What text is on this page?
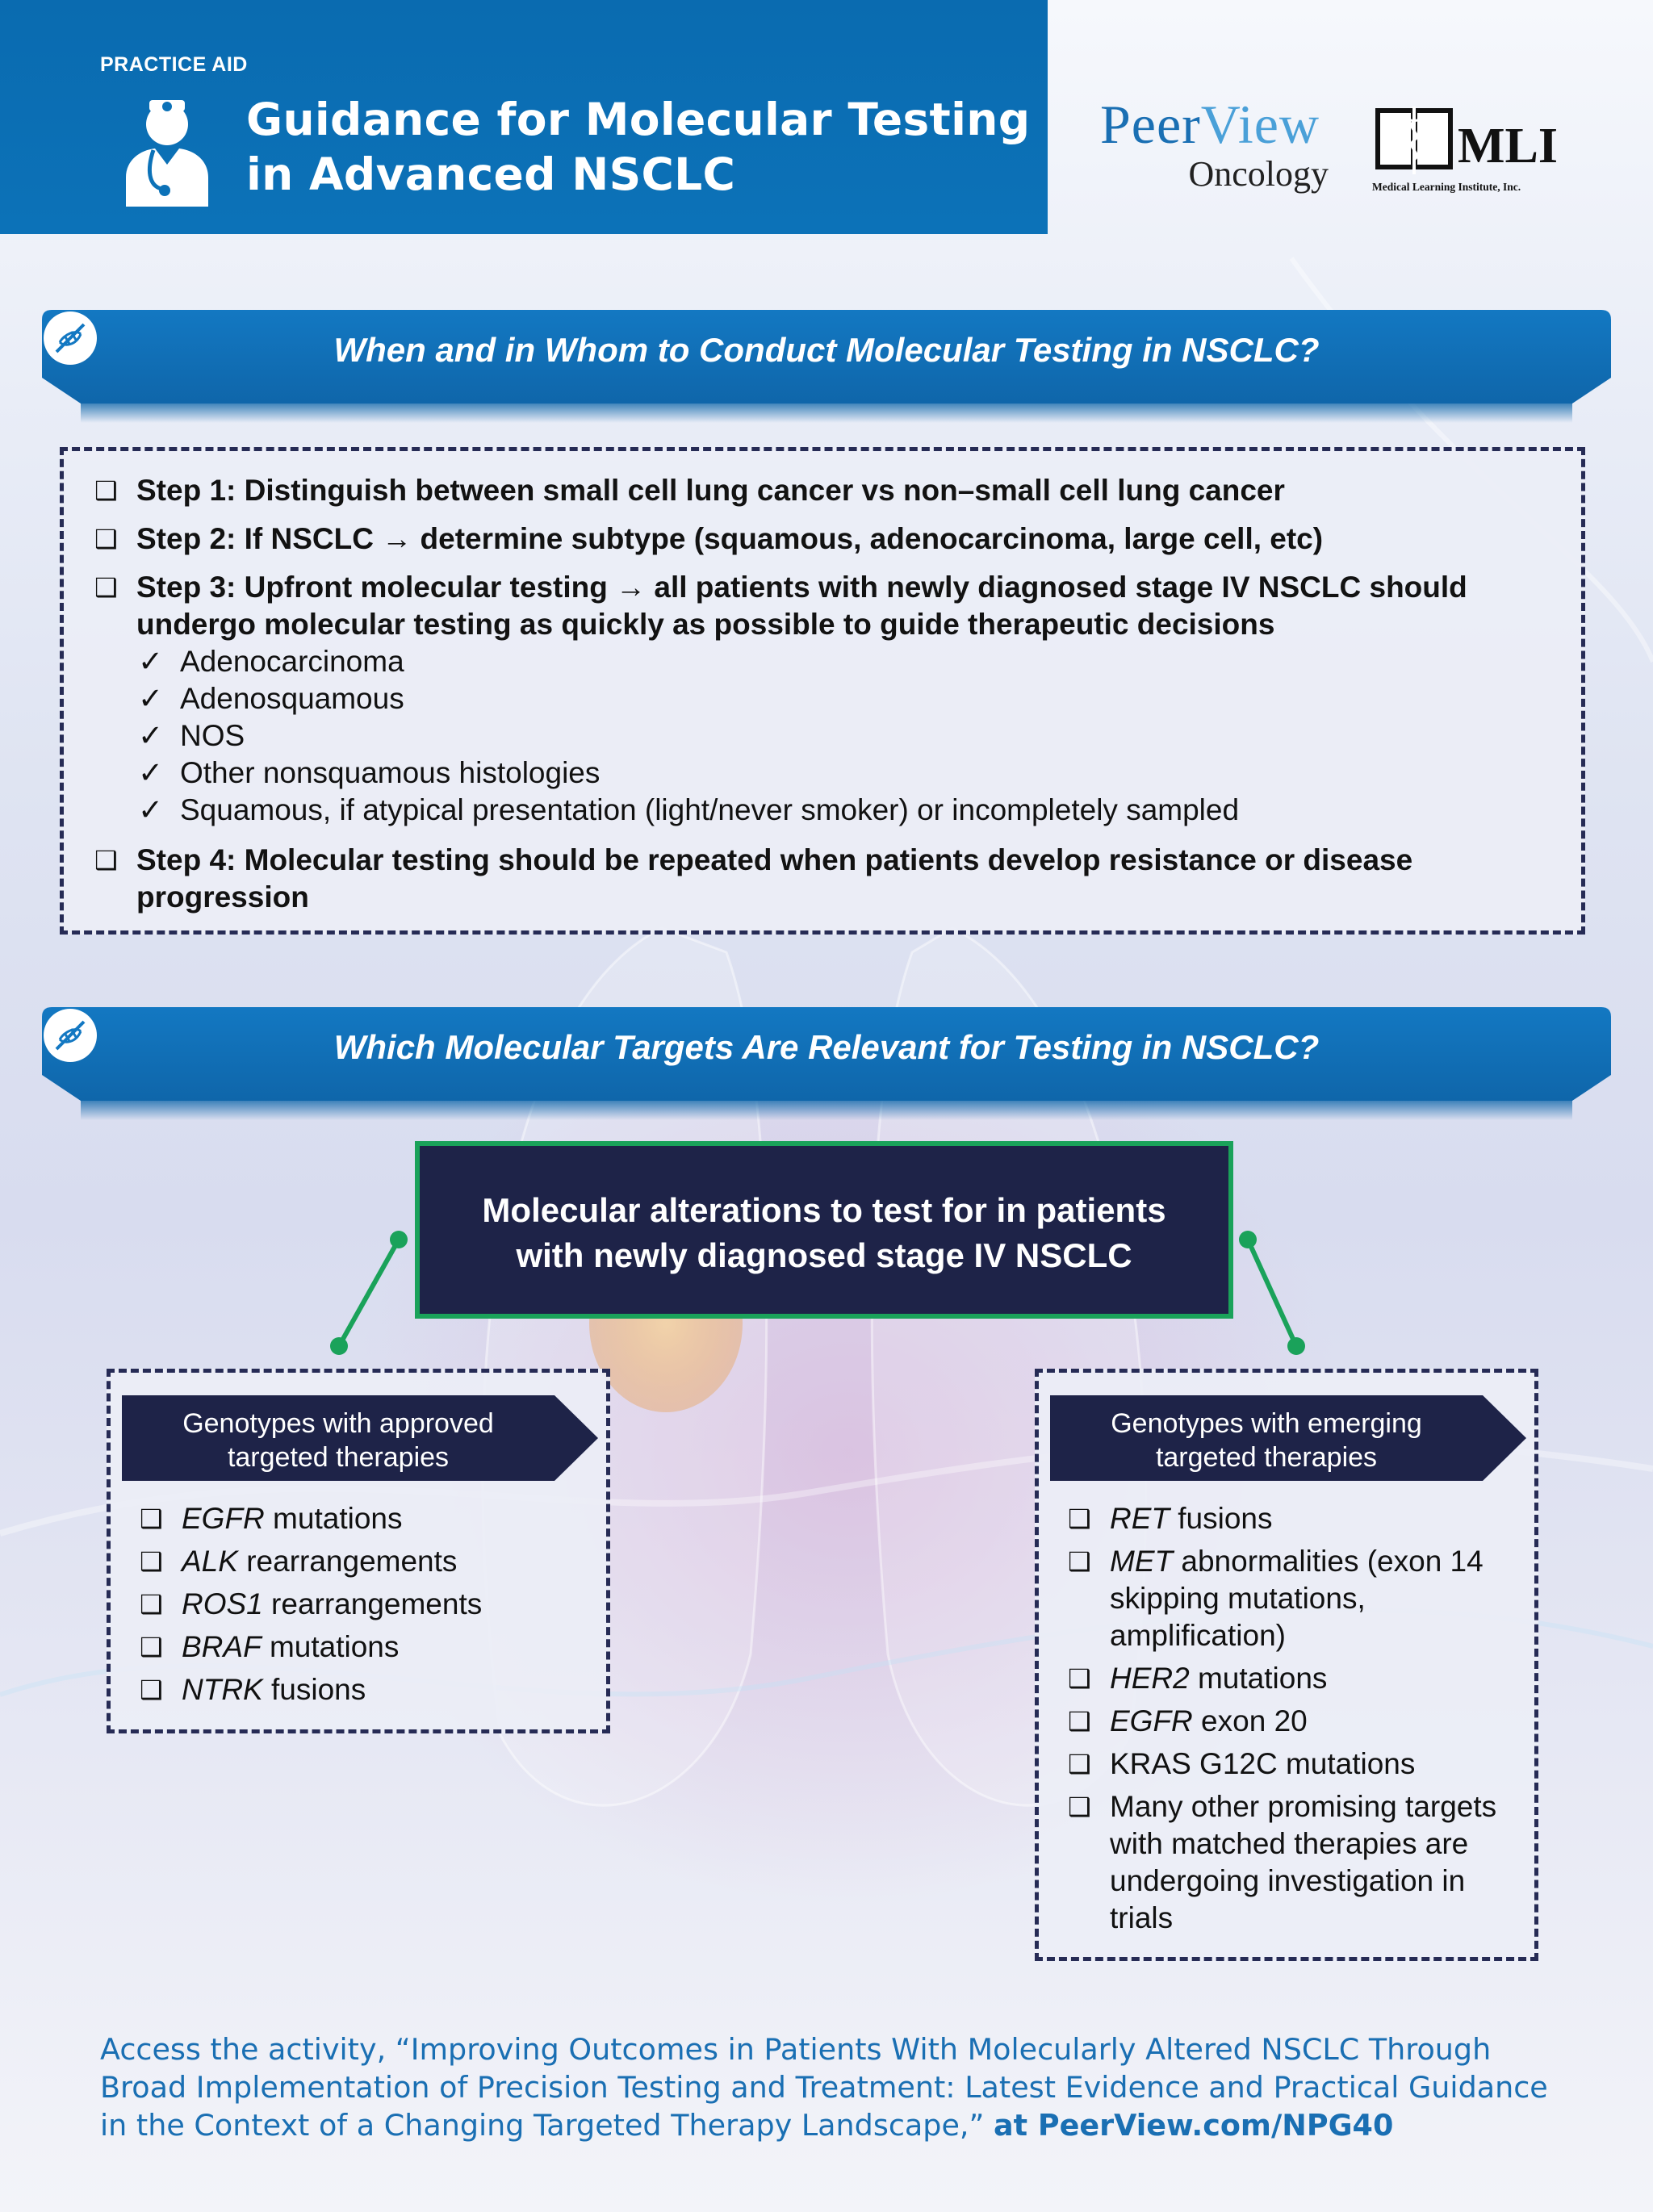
PRACTICE AID
Guidance for Molecular Testing
in Advanced NSCLC
PeerView
Oncology
MLI
Medical Learning Institute, Inc.
When and in Whom to Conduct Molecular Testing in NSCLC?
❑ Step 1: Distinguish between small cell lung cancer vs non–small cell lung cancer
❑ Step 2: If NSCLC → determine subtype (squamous, adenocarcinoma, large cell, etc)
❑ Step 3: Upfront molecular testing → all patients with newly diagnosed stage IV NSCLC should undergo molecular testing as quickly as possible to guide therapeutic decisions
✓ Adenocarcinoma
✓ Adenosquamous
✓ NOS
✓ Other nonsquamous histologies
✓ Squamous, if atypical presentation (light/never smoker) or incompletely sampled
❑ Step 4: Molecular testing should be repeated when patients develop resistance or disease progression
Which Molecular Targets Are Relevant for Testing in NSCLC?
Molecular alterations to test for in patients
with newly diagnosed stage IV NSCLC
Genotypes with approved
targeted therapies
❑ EGFR mutations
❑ ALK rearrangements
❑ ROS1 rearrangements
❑ BRAF mutations
❑ NTRK fusions
Genotypes with emerging
targeted therapies
❑ RET fusions
❑ MET abnormalities (exon 14 skipping mutations, amplification)
❑ HER2 mutations
❑ EGFR exon 20
❑ KRAS G12C mutations
❑ Many other promising targets with matched therapies are undergoing investigation in trials
Access the activity, “Improving Outcomes in Patients With Molecularly Altered NSCLC Through Broad Implementation of Precision Testing and Treatment: Latest Evidence and Practical Guidance in the Context of a Changing Targeted Therapy Landscape,” at PeerView.com/NPG40
